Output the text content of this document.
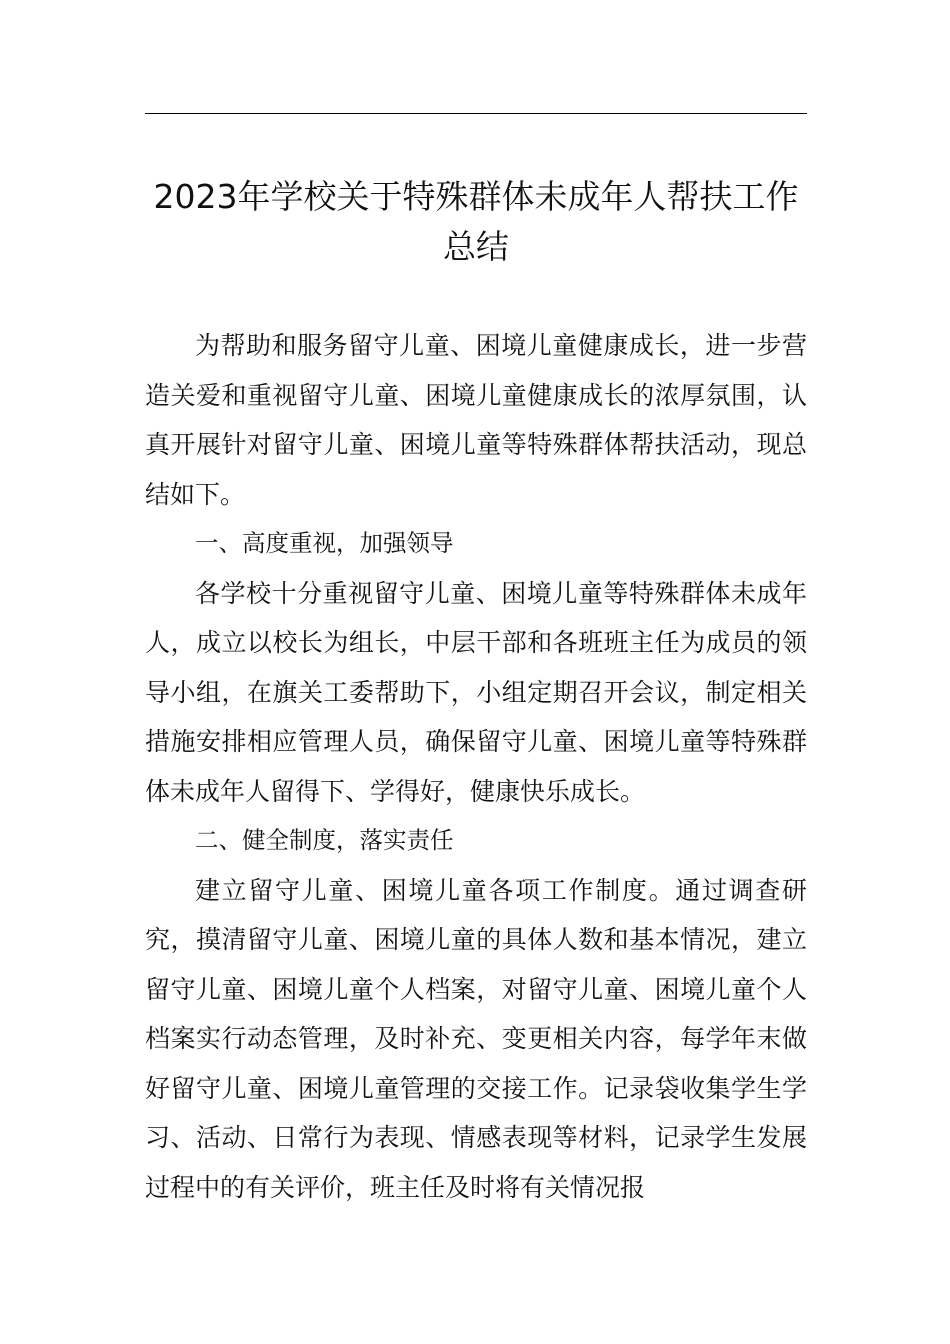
2023年学校关于特殊群体未成年人帮扶工作总结

为帮助和服务留守儿童、困境儿童健康成长，进一步营造关爱和重视留守儿童、困境儿童健康成长的浓厚氛围，认真开展针对留守儿童、困境儿童等特殊群体帮扶活动，现总结如下。

一、高度重视，加强领导

各学校十分重视留守儿童、困境儿童等特殊群体未成年人，成立以校长为组长，中层干部和各班班主任为成员的领导小组，在旗关工委帮助下，小组定期召开会议，制定相关措施安排相应管理人员，确保留守儿童、困境儿童等特殊群体未成年人留得下、学得好，健康快乐成长。

二、健全制度，落实责任

建立留守儿童、困境儿童各项工作制度。通过调查研究，摸清留守儿童、困境儿童的具体人数和基本情况，建立留守儿童、困境儿童个人档案，对留守儿童、困境儿童个人档案实行动态管理，及时补充、变更相关内容，每学年末做好留守儿童、困境儿童管理的交接工作。记录袋收集学生学习、活动、日常行为表现、情感表现等材料，记录学生发展过程中的有关评价，班主任及时将有关情况报
